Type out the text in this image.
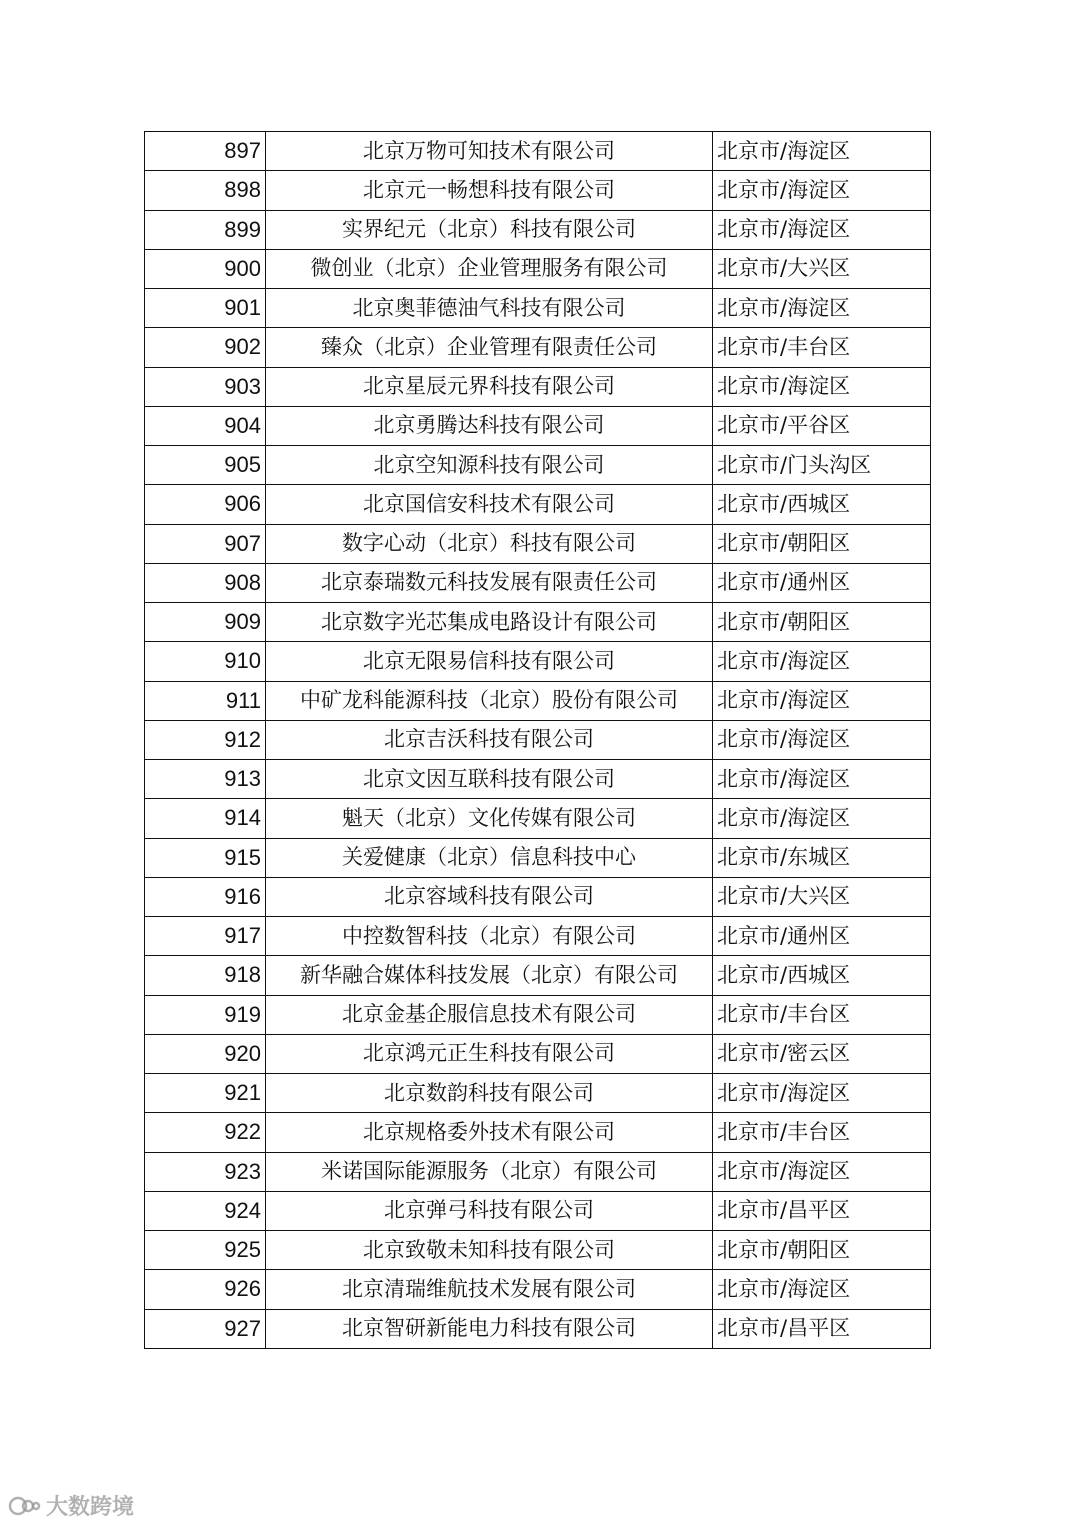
897	北京万物可知技术有限公司	北京市/海淀区
898	北京元一畅想科技有限公司	北京市/海淀区
899	实界纪元（北京）科技有限公司	北京市/海淀区
900	微创业（北京）企业管理服务有限公司	北京市/大兴区
901	北京奥菲德油气科技有限公司	北京市/海淀区
902	臻众（北京）企业管理有限责任公司	北京市/丰台区
903	北京星辰元界科技有限公司	北京市/海淀区
904	北京勇腾达科技有限公司	北京市/平谷区
905	北京空知源科技有限公司	北京市/门头沟区
906	北京国信安科技术有限公司	北京市/西城区
907	数字心动（北京）科技有限公司	北京市/朝阳区
908	北京泰瑞数元科技发展有限责任公司	北京市/通州区
909	北京数字光芯集成电路设计有限公司	北京市/朝阳区
910	北京无限易信科技有限公司	北京市/海淀区
911	中矿龙科能源科技（北京）股份有限公司	北京市/海淀区
912	北京吉沃科技有限公司	北京市/海淀区
913	北京文因互联科技有限公司	北京市/海淀区
914	魁天（北京）文化传媒有限公司	北京市/海淀区
915	关爱健康（北京）信息科技中心	北京市/东城区
916	北京容域科技有限公司	北京市/大兴区
917	中控数智科技（北京）有限公司	北京市/通州区
918	新华融合媒体科技发展（北京）有限公司	北京市/西城区
919	北京金基企服信息技术有限公司	北京市/丰台区
920	北京鸿元正生科技有限公司	北京市/密云区
921	北京数韵科技有限公司	北京市/海淀区
922	北京规格委外技术有限公司	北京市/丰台区
923	米诺国际能源服务（北京）有限公司	北京市/海淀区
924	北京弹弓科技有限公司	北京市/昌平区
925	北京致敬未知科技有限公司	北京市/朝阳区
926	北京清瑞维航技术发展有限公司	北京市/海淀区
927	北京智研新能电力科技有限公司	北京市/昌平区
大数跨境
